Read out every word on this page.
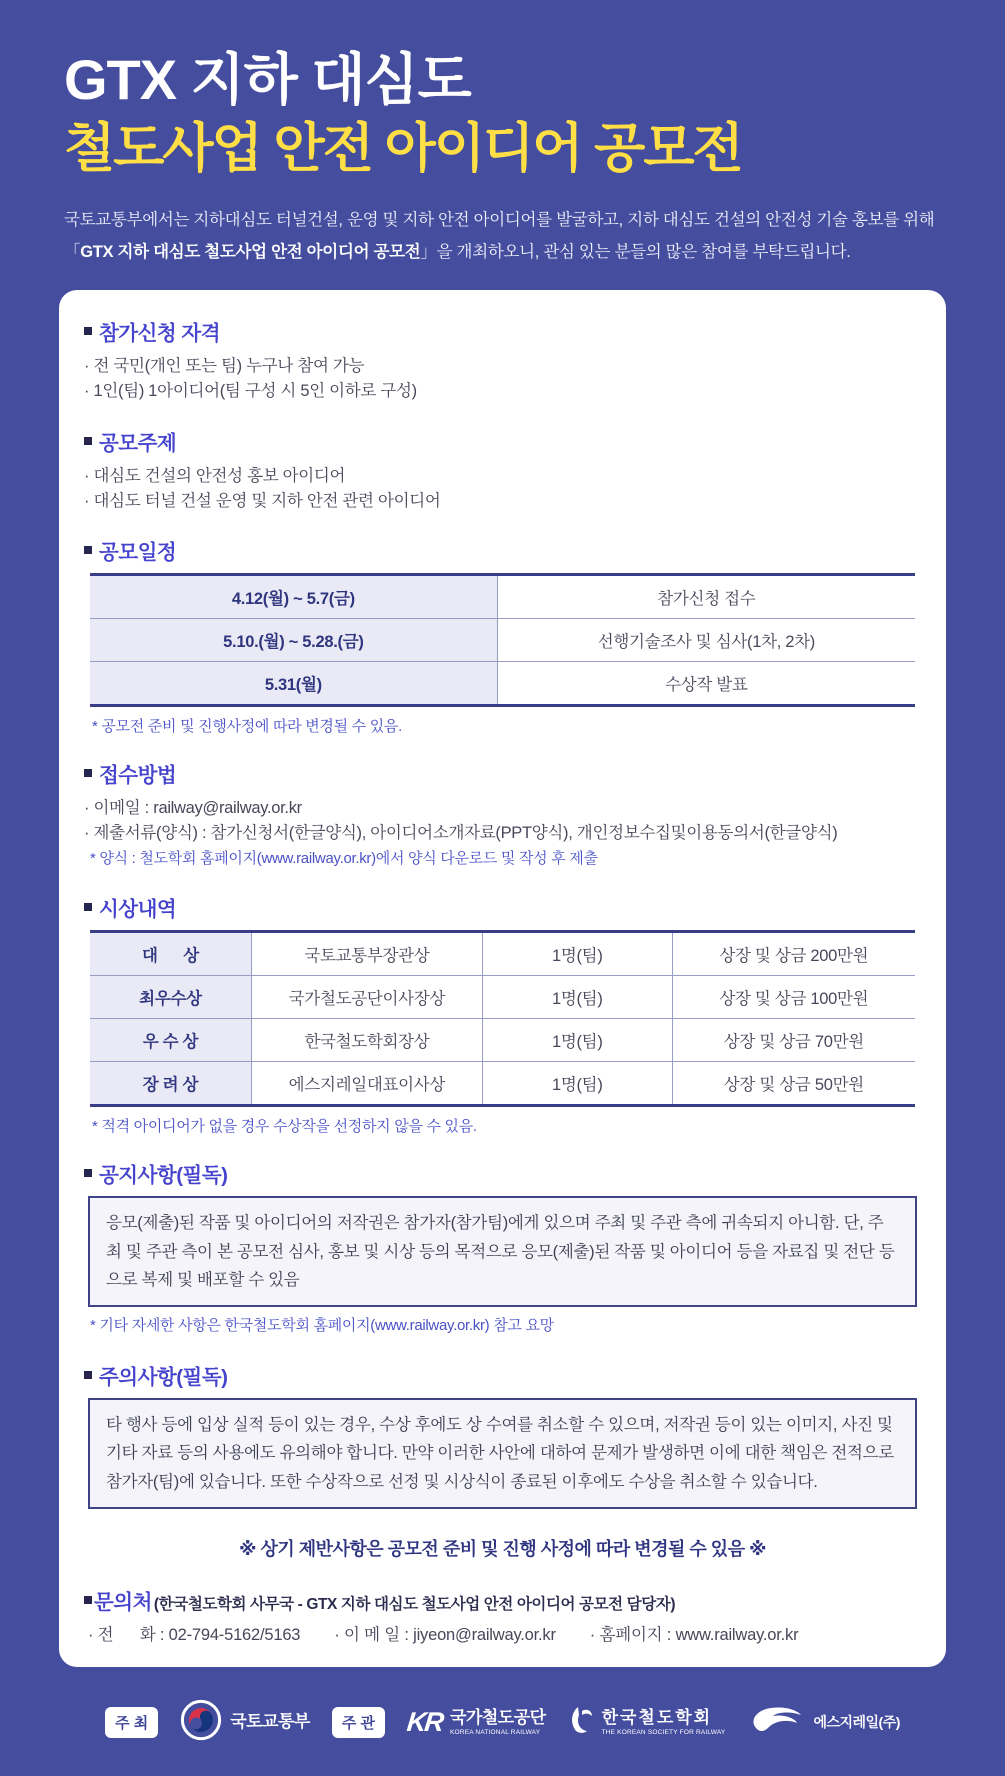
GTX 지하 대심도
철도사업 안전 아이디어 공모전
국토교통부에서는 지하대심도 터널건설, 운영 및 지하 안전 아이디어를 발굴하고, 지하 대심도 건설의 안전성 기술 홍보를 위해
「GTX 지하 대심도 철도사업 안전 아이디어 공모전」을 개최하오니, 관심 있는 분들의 많은 참여를 부탁드립니다.
참가신청 자격
· 전 국민(개인 또는 팀) 누구나 참여 가능
· 1인(팀) 1아이디어(팀 구성 시 5인 이하로 구성)
공모주제
· 대심도 건설의 안전성 홍보 아이디어
· 대심도 터널 건설 운영 및 지하 안전 관련 아이디어
공모일정
4.12(월) ~ 5.7(금)	참가신청 접수
5.10.(월) ~ 5.28.(금)	선행기술조사 및 심사(1차, 2차)
5.31(월)	수상작 발표
* 공모전 준비 및 진행사정에 따라 변경될 수 있음.
접수방법
· 이메일 : railway@railway.or.kr
· 제출서류(양식) : 참가신청서(한글양식), 아이디어소개자료(PPT양식), 개인정보수집및이용동의서(한글양식)
* 양식 : 철도학회 홈페이지(www.railway.or.kr)에서 양식 다운로드 및 작성 후 제출
시상내역
대      상	국토교통부장관상	1명(팀)	상장 및 상금 200만원
최우수상	국가철도공단이사장상	1명(팀)	상장 및 상금 100만원
우 수 상	한국철도학회장상	1명(팀)	상장 및 상금 70만원
장 려 상	에스지레일대표이사상	1명(팀)	상장 및 상금 50만원
* 적격 아이디어가 없을 경우 수상작을 선정하지 않을 수 있음.
공지사항(필독)
응모(제출)된 작품 및 아이디어의 저작권은 참가자(참가팀)에게 있으며 주최 및 주관 측에 귀속되지 아니함. 단, 주최 및 주관 측이 본 공모전 심사, 홍보 및 시상 등의 목적으로 응모(제출)된 작품 및 아이디어 등을 자료집 및 전단 등으로 복제 및 배포할 수 있음
* 기타 자세한 사항은 한국철도학회 홈페이지(www.railway.or.kr) 참고 요망
주의사항(필독)
타 행사 등에 입상 실적 등이 있는 경우, 수상 후에도 상 수여를 취소할 수 있으며, 저작권 등이 있는 이미지, 사진 및 기타 자료 등의 사용에도 유의해야 합니다. 만약 이러한 사안에 대하여 문제가 발생하면 이에 대한 책임은 전적으로 참가자(팀)에 있습니다. 또한 수상작으로 선정 및 시상식이 종료된 이후에도 수상을 취소할 수 있습니다.
※ 상기 제반사항은 공모전 준비 및 진행 사정에 따라 변경될 수 있음 ※
문의처 (한국철도학회 사무국 - GTX 지하 대심도 철도사업 안전 아이디어 공모전 담당자)
· 전      화 : 02-794-5162/5163 · 이 메 일 : jiyeon@railway.or.kr · 홈페이지 : www.railway.or.kr
주 최	국토교통부	주 관	KR 국가철도공단
KOREA NATIONAL RAILWAY
한국철도학회
THE KOREAN SOCIETY FOR RAILWAY
에스지레일(주)
